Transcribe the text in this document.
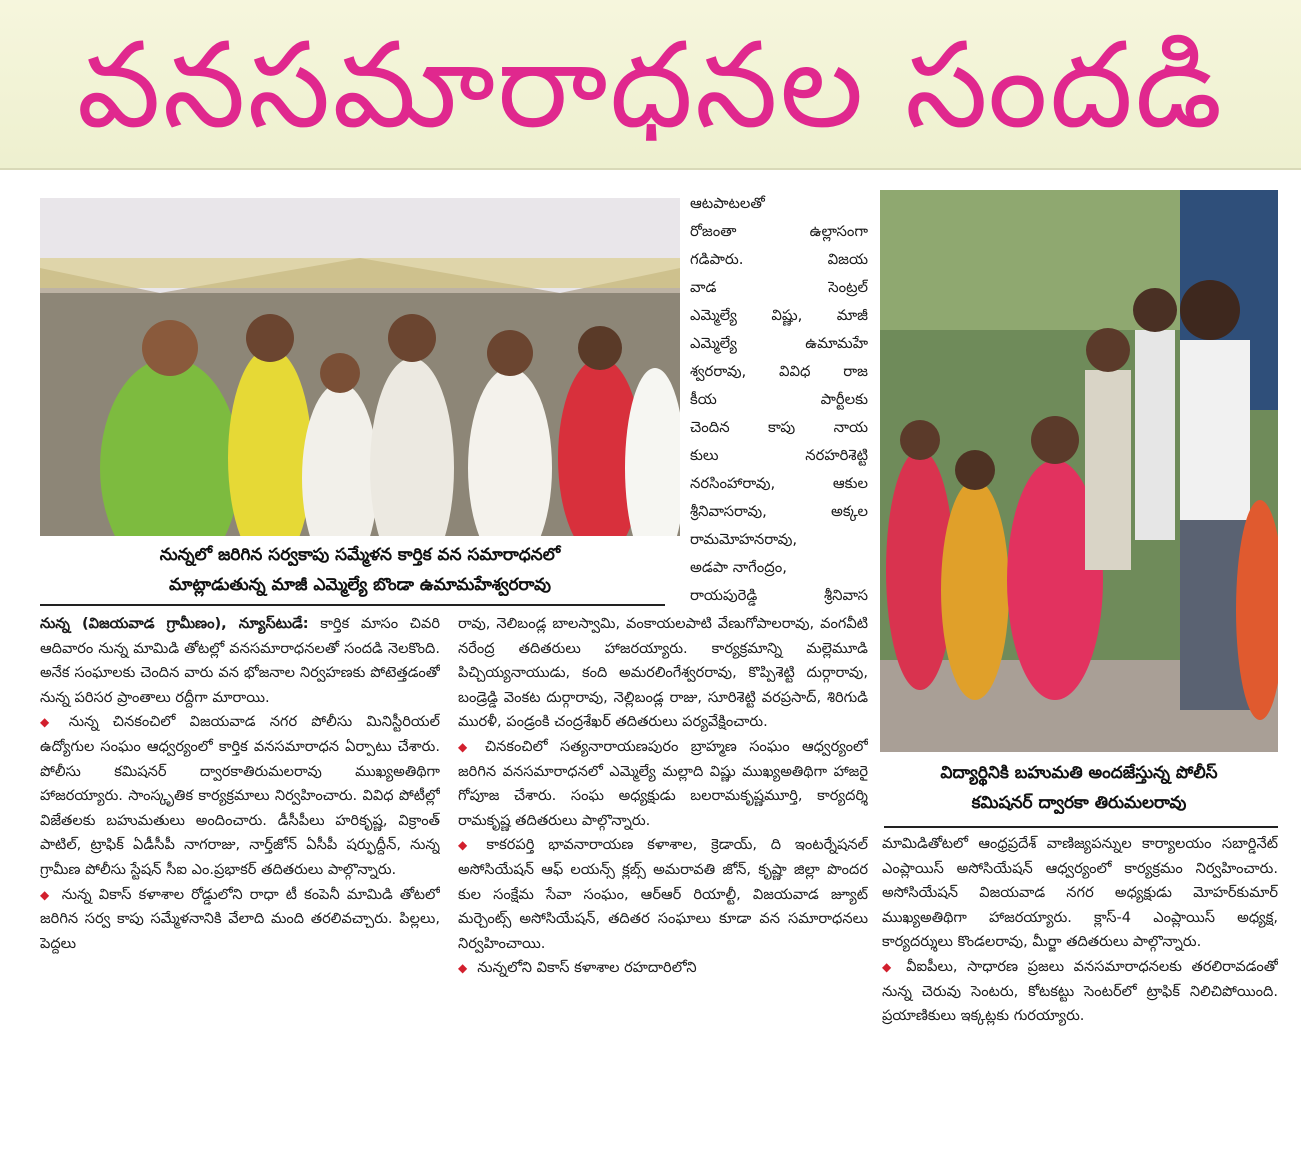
వనసమారాధనల సందడి
నున్నలో జరిగిన సర్వకాపు సమ్మేళన కార్తిక వన సమారాధనలో
మాట్లాడుతున్న మాజీ ఎమ్మెల్యే బొండా ఉమామహేశ్వరరావు
ఆటపాటలతో
రోజంతా ఉల్లాసంగా
గడిపారు. విజయ
వాడ సెంట్రల్
ఎమ్మెల్యే విష్ణు, మాజీ
ఎమ్మెల్యే ఉమామహే
శ్వరరావు, వివిధ రాజ
కీయ పార్టీలకు
చెందిన కాపు నాయ
కులు నరహరిశెట్టి
నరసింహారావు, ఆకుల
శ్రీనివాసరావు, అక్కల
రామమోహనరావు,
అడపా నాగేంద్రం,
రాయపురెడ్డి శ్రీనివాస
విద్యార్థినికి బహుమతి అందజేస్తున్న పోలీస్
కమిషనర్ ద్వారకా తిరుమలరావు

నున్న (విజయవాడ గ్రామీణం), న్యూస్‌టుడే: కార్తిక మాసం చివరి ఆదివారం నున్న మామిడి తోటల్లో వనసమారాధనలతో సందడి నెలకొంది. అనేక సంఘాలకు చెందిన వారు వన భోజనాల నిర్వహణకు పోటెత్తడంతో నున్న పరిసర ప్రాంతాలు రద్దీగా మారాయి.

◆ నున్న చినకంచిలో విజయవాడ నగర పోలీసు మినిస్టీరియల్ ఉద్యోగుల సంఘం ఆధ్వర్యంలో కార్తిక వనసమారాధన ఏర్పాటు చేశారు. పోలీసు కమిషనర్ ద్వారకాతిరుమలరావు ముఖ్యఅతిథిగా హాజరయ్యారు. సాంస్కృతిక కార్యక్రమాలు నిర్వహించారు. వివిధ పోటీల్లో విజేతలకు బహుమతులు అందించారు. డీసీపీలు హరికృష్ణ, విక్రాంత్ పాటిల్, ట్రాఫిక్ ఏడీసీపీ నాగరాజు, నార్త్‌జోన్ ఏసీపీ షర్ఫుద్దీన్, నున్న గ్రామీణ పోలీసు స్టేషన్ సీఐ ఎం.ప్రభాకర్ తదితరులు పాల్గొన్నారు.

◆ నున్న వికాస్ కళాశాల రోడ్డులోని రాధా టీ కంపెనీ మామిడి తోటలో జరిగిన సర్వ కాపు సమ్మేళనానికి వేలాది మంది తరలివచ్చారు. పిల్లలు, పెద్దలు

రావు, నెలిబండ్ల బాలస్వామి, వంకాయలపాటి వేణుగోపాలరావు, వంగవీటి నరేంద్ర తదితరులు హాజరయ్యారు. కార్యక్రమాన్ని మల్లెమూడి పిచ్చియ్యనాయుడు, కంది అమరలింగేశ్వరరావు, కొప్పిశెట్టి దుర్గారావు, బండ్రెడ్డి వెంకట దుర్గారావు, నెల్లిబండ్ల రాజు, సూరిశెట్టి వరప్రసాద్, శిరిగుడి మురళీ, పండ్రంకి చంద్రశేఖర్ తదితరులు పర్యవేక్షించారు.

◆ చినకంచిలో సత్యనారాయణపురం బ్రాహ్మణ సంఘం ఆధ్వర్యంలో జరిగిన వనసమారాధనలో ఎమ్మెల్యే మల్లాది విష్ణు ముఖ్యఅతిథిగా హాజరై గోపూజ చేశారు. సంఘ అధ్యక్షుడు బలరామకృష్ణమూర్తి, కార్యదర్శి రామకృష్ణ తదితరులు పాల్గొన్నారు.

◆ కాకరపర్తి భావనారాయణ కళాశాల, క్రెడాయ్, ది ఇంటర్నేషనల్ అసోసియేషన్ ఆఫ్ లయన్స్ క్లబ్స్ అమరావతి జోన్, కృష్ణా జిల్లా పొందర కుల సంక్షేమ సేవా సంఘం, ఆర్ఆర్ రియాల్టీ, విజయవాడ జ్యూట్ మర్చెంట్స్ అసోసియేషన్, తదితర సంఘాలు కూడా వన సమారాధనలు నిర్వహించాయి.

◆ నున్నలోని వికాస్ కళాశాల రహదారిలోని

మామిడితోటలో ఆంధ్రప్రదేశ్ వాణిజ్యపన్నుల కార్యాలయం సబార్డినేట్ ఎంప్లాయిస్ అసోసియేషన్ ఆధ్వర్యంలో కార్యక్రమం నిర్వహించారు. అసోసియేషన్ విజయవాడ నగర అధ్యక్షుడు మోహర్‌కుమార్ ముఖ్యఅతిథిగా హాజరయ్యారు. క్లాస్-4 ఎంప్లాయిస్ అధ్యక్ష, కార్యదర్శులు కొండలరావు, మీర్జా తదితరులు పాల్గొన్నారు.

◆ వీఐపీలు, సాధారణ ప్రజలు వనసమారాధనలకు తరలిరావడంతో నున్న చెరువు సెంటరు, కోటకట్టు సెంటర్‌లో ట్రాఫిక్ నిలిచిపోయింది. ప్రయాణికులు ఇక్కట్లకు గురయ్యారు.
